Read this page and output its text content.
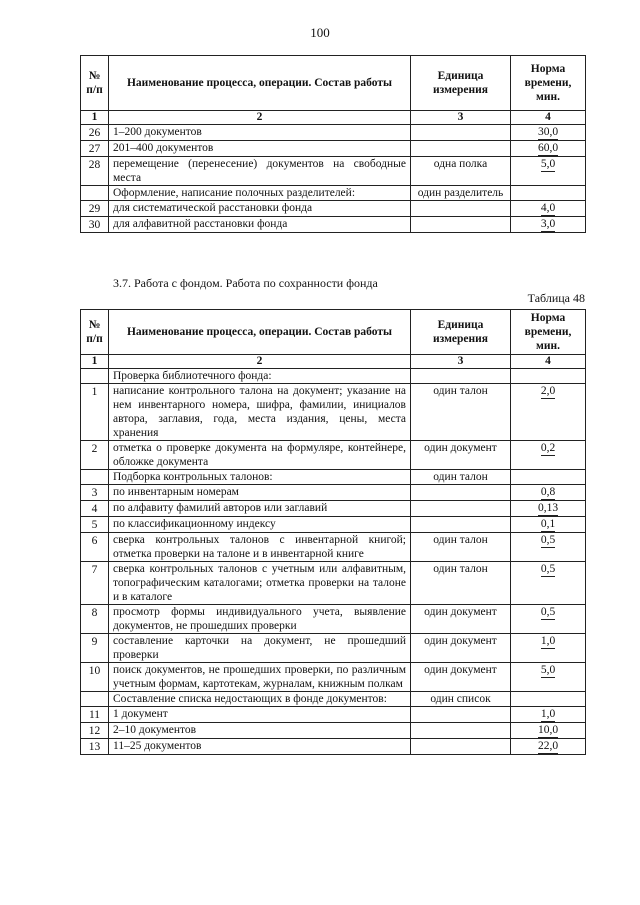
100
№ п/п	Наименование процесса, операции. Состав работы	Единица измерения	Норма времени, мин.
1	2	3	4
26	1–200 документов		30,0
27	201–400 документов		60,0
28	перемещение (перенесение) документов на свободные места	одна полка	5,0
	Оформление, написание полочных разделителей:	один разделитель	
29	для систематической расстановки фонда		4,0
30	для алфавитной расстановки фонда		3,0
3.7. Работа с фондом. Работа по сохранности фонда
Таблица 48
№ п/п	Наименование процесса, операции. Состав работы	Единица измерения	Норма времени, мин.
1	2	3	4
	Проверка библиотечного фонда:		
1	написание контрольного талона на документ; указание на нем инвентарного номера, шифра, фамилии, инициалов автора, заглавия, года, места издания, цены, места хранения	один талон	2,0
2	отметка о проверке документа на формуляре, контейнере, обложке документа	один документ	0,2
	Подборка контрольных талонов:	один талон	
3	по инвентарным номерам		0,8
4	по алфавиту фамилий авторов или заглавий		0,13
5	по классификационному индексу		0,1
6	сверка контрольных талонов с инвентарной книгой; отметка проверки на талоне и в инвентарной книге	один талон	0,5
7	сверка контрольных талонов с учетным или алфавитным, топографическим каталогами; отметка проверки на талоне и в каталоге	один талон	0,5
8	просмотр формы индивидуального учета, выявление документов, не прошедших проверки	один документ	0,5
9	составление карточки на документ, не прошедший проверки	один документ	1,0
10	поиск документов, не прошедших проверки, по различным учетным формам, картотекам, журналам, книжным полкам	один документ	5,0
	Составление списка недостающих в фонде документов:	один список	
11	1 документ		1,0
12	2–10 документов		10,0
13	11–25 документов		22,0
